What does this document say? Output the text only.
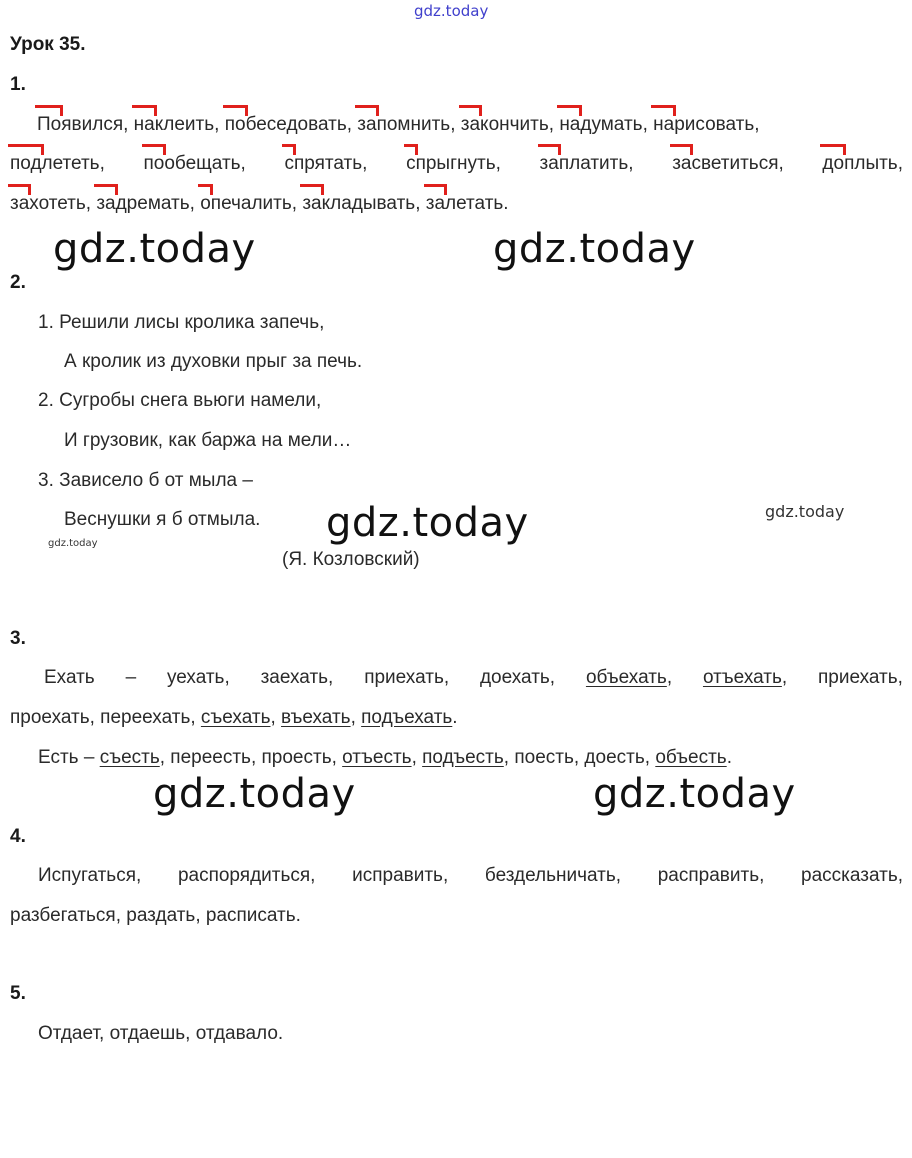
gdz.today
Урок 35.
1.
Появился, наклеить, побеседовать, запомнить, закончить, надумать, нарисовать,
подлететь, пообещать, спрятать, спрыгнуть, заплатить, засветиться, доплыть,
захотеть, задремать, опечалить, закладывать, залетать.
gdz.today	gdz.today
2.
1. Решили лисы кролика запечь,
А кролик из духовки прыг за печь.
2. Сугробы снега вьюги намели,
И грузовик, как баржа на мели…
3. Зависело б от мыла –
Веснушки я б отмыла.
(Я. Козловский)
gdz.today	gdz.today	gdz.today
3.
Ехать – уехать, заехать, приехать, доехать, объехать, отъехать, приехать,
проехать, переехать, съехать, въехать, подъехать.
Есть – съесть, переесть, проесть, отъесть, подъесть, поесть, доесть, объесть.
gdz.today	gdz.today
4.
Испугаться, распорядиться, исправить, бездельничать, расправить, рассказать,
разбегаться, раздать, расписать.
5.
Отдает, отдаешь, отдавало.
